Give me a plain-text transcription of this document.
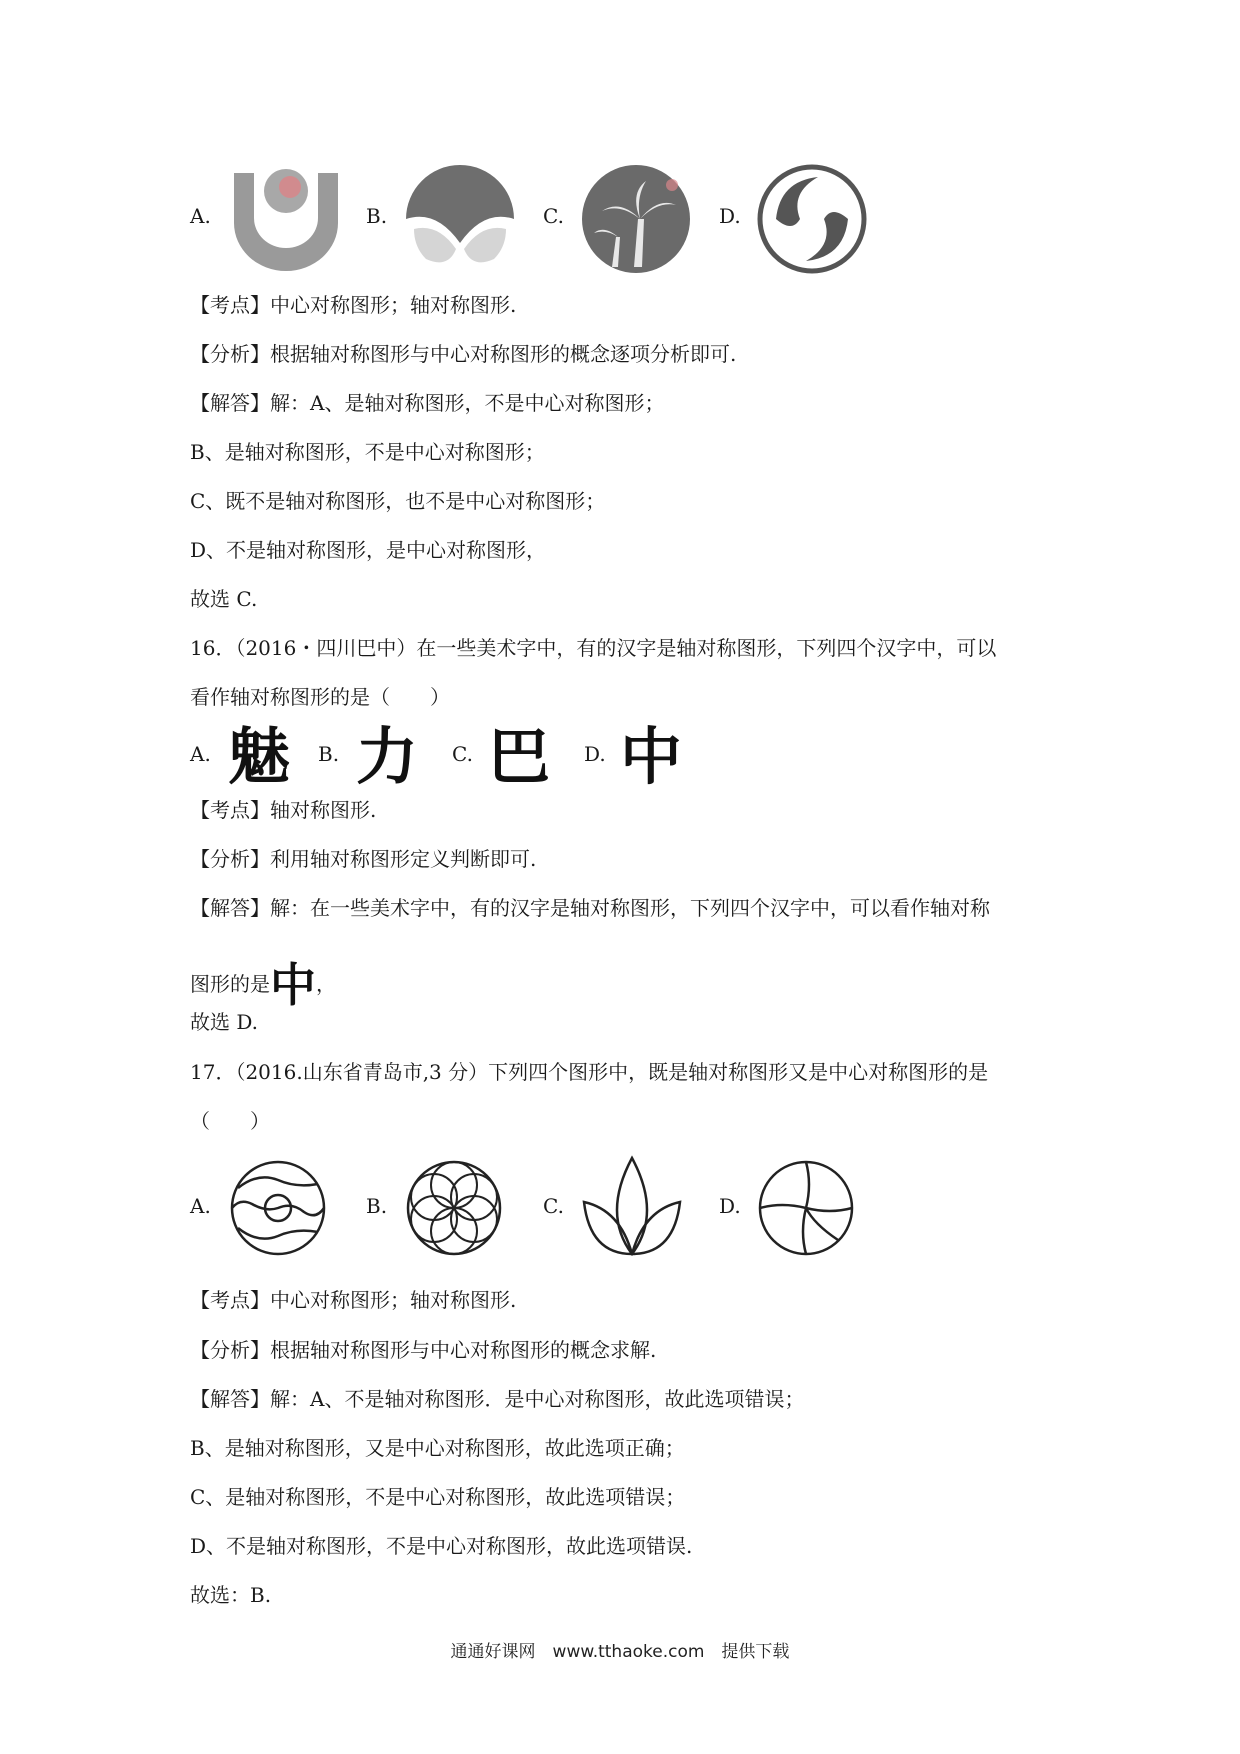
A.	B.	C.	D.
【考点】中心对称图形；轴对称图形.
【分析】根据轴对称图形与中心对称图形的概念逐项分析即可.
【解答】解：A、是轴对称图形，不是中心对称图形；
B、是轴对称图形，不是中心对称图形；
C、既不是轴对称图形，也不是中心对称图形；
D、不是轴对称图形，是中心对称图形，
故选 C.
16．（2016・四川巴中）在一些美术字中，有的汉字是轴对称图形，下列四个汉字中，可以
看作轴对称图形的是（　　）
A. 魅 B. 力 C. 巴 D. 中
【考点】轴对称图形.
【分析】利用轴对称图形定义判断即可.
【解答】解：在一些美术字中，有的汉字是轴对称图形，下列四个汉字中，可以看作轴对称
图形的是中，
故选 D.
17．（2016.山东省青岛市,3 分）下列四个图形中，既是轴对称图形又是中心对称图形的是
（　　）
A.	B.	C.	D.
【考点】中心对称图形；轴对称图形.
【分析】根据轴对称图形与中心对称图形的概念求解.
【解答】解：A、不是轴对称图形．是中心对称图形，故此选项错误；
B、是轴对称图形，又是中心对称图形，故此选项正确；
C、是轴对称图形，不是中心对称图形，故此选项错误；
D、不是轴对称图形，不是中心对称图形，故此选项错误.
故选：B.
通通好课网　www.tthaoke.com　提供下载
